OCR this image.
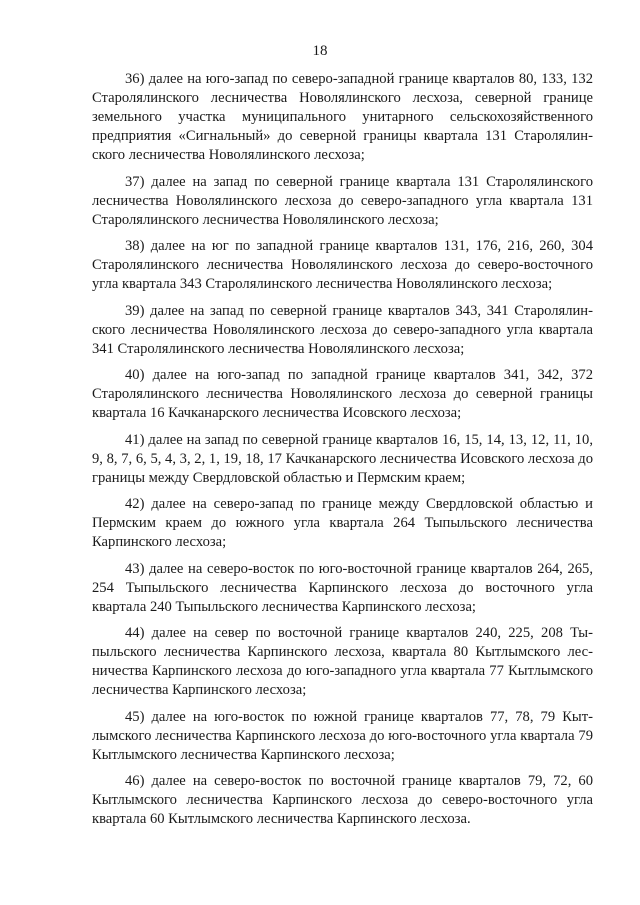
18

36) далее на юго-запад по северо-западной границе кварталов 80, 133, 132 Старолялинского лесничества Новолялинского лесхоза, северной границе земельного участка муниципального унитарного сельскохозяйственного предприятия «Сигнальный» до северной границы квартала 131 Старолялинского лесничества Новолялинского лесхоза;

37) далее на запад по северной границе квартала 131 Старолялинского лесничества Новолялинского лесхоза до северо-западного угла квартала 131 Старолялинского лесничества Новолялинского лесхоза;

38) далее на юг по западной границе кварталов 131, 176, 216, 260, 304 Старолялинского лесничества Новолялинского лесхоза до северо-восточного угла квартала 343 Старолялинского лесничества Новолялинского лесхоза;

39) далее на запад по северной границе кварталов 343, 341 Старолялинского лесничества Новолялинского лесхоза до северо-западного угла квартала 341 Старолялинского лесничества Новолялинского лесхоза;

40) далее на юго-запад по западной границе кварталов 341, 342, 372 Старолялинского лесничества Новолялинского лесхоза до северной границы квартала 16 Качканарского лесничества Исовского лесхоза;

41) далее на запад по северной границе кварталов 16, 15, 14, 13, 12, 11, 10, 9, 8, 7, 6, 5, 4, 3, 2, 1, 19, 18, 17 Качканарского лесничества Исовского лесхоза до границы между Свердловской областью и Пермским краем;

42) далее на северо-запад по границе между Свердловской областью и Пермским краем до южного угла квартала 264 Тыпыльского лесничества Карпинского лесхоза;

43) далее на северо-восток по юго-восточной границе кварталов 264, 265, 254 Тыпыльского лесничества Карпинского лесхоза до восточного угла квартала 240 Тыпыльского лесничества Карпинского лесхоза;

44) далее на север по восточной границе кварталов 240, 225, 208 Тыпыльского лесничества Карпинского лесхоза, квартала 80 Кытлымского лесничества Карпинского лесхоза до юго-западного угла квартала 77 Кытлымского лесничества Карпинского лесхоза;

45) далее на юго-восток по южной границе кварталов 77, 78, 79 Кытлымского лесничества Карпинского лесхоза до юго-восточного угла квартала 79 Кытлымского лесничества Карпинского лесхоза;

46) далее на северо-восток по восточной границе кварталов 79, 72, 60 Кытлымского лесничества Карпинского лесхоза до северо-восточного угла квартала 60 Кытлымского лесничества Карпинского лесхоза.
